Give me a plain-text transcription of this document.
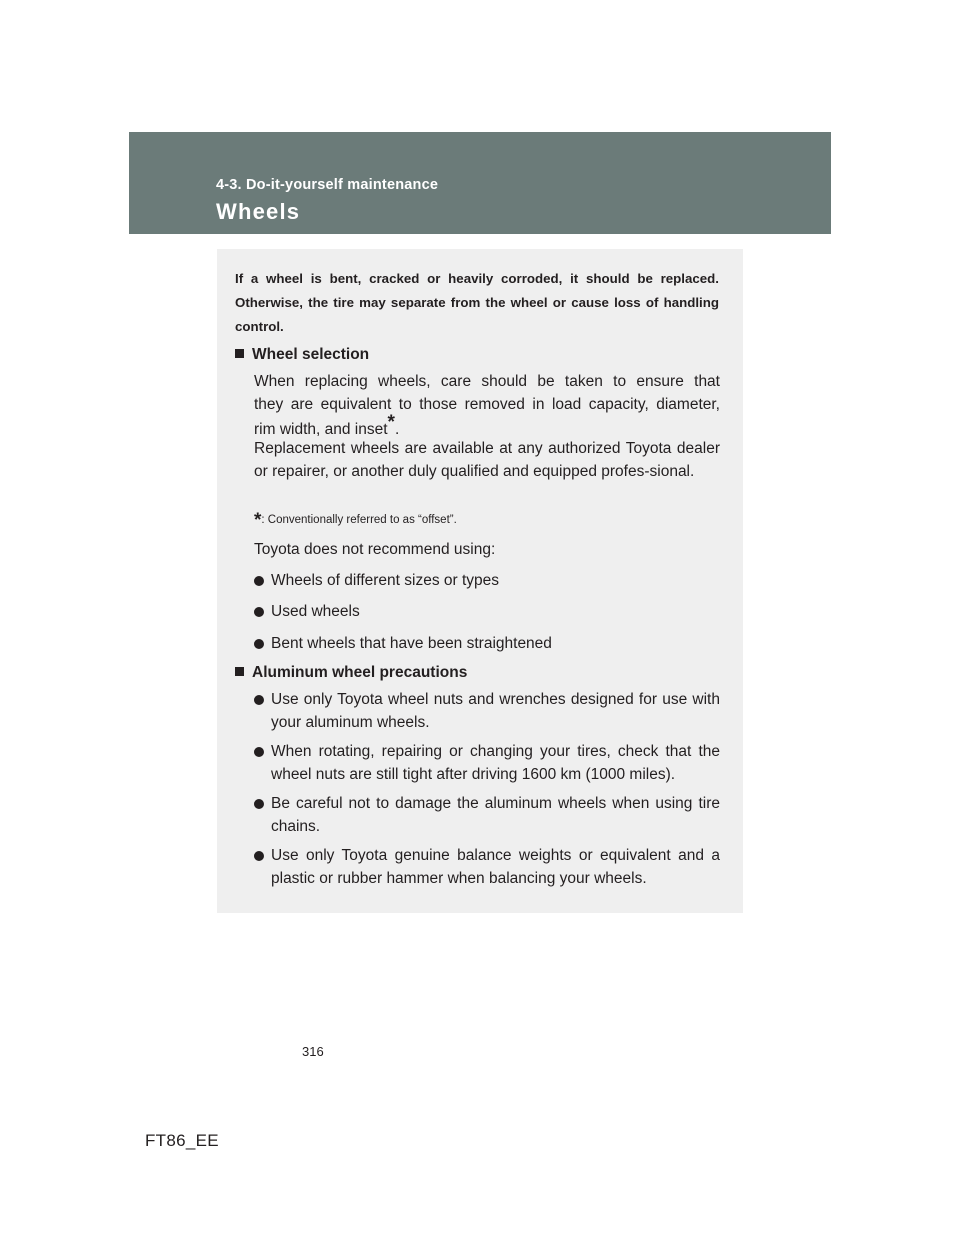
4-3. Do-it-yourself maintenance
Wheels
If a wheel is bent, cracked or heavily corroded, it should be replaced. Otherwise, the tire may separate from the wheel or cause loss of handling control.
Wheel selection
When replacing wheels, care should be taken to ensure that
they are equivalent to those removed in load capacity, diameter,
rim width, and inset*.
Replacement wheels are available at any authorized Toyota dealer or repairer, or another duly qualified and equipped profes-sional.
*: Conventionally referred to as “offset”.
Toyota does not recommend using:
Wheels of different sizes or types
Used wheels
Bent wheels that have been straightened
Aluminum wheel precautions
Use only Toyota wheel nuts and wrenches designed for use with your aluminum wheels.
When rotating, repairing or changing your tires, check that the wheel nuts are still tight after driving 1600 km (1000 miles).
Be careful not to damage the aluminum wheels when using tire chains.
Use only Toyota genuine balance weights or equivalent and a plastic or rubber hammer when balancing your wheels.
316
FT86_EE
